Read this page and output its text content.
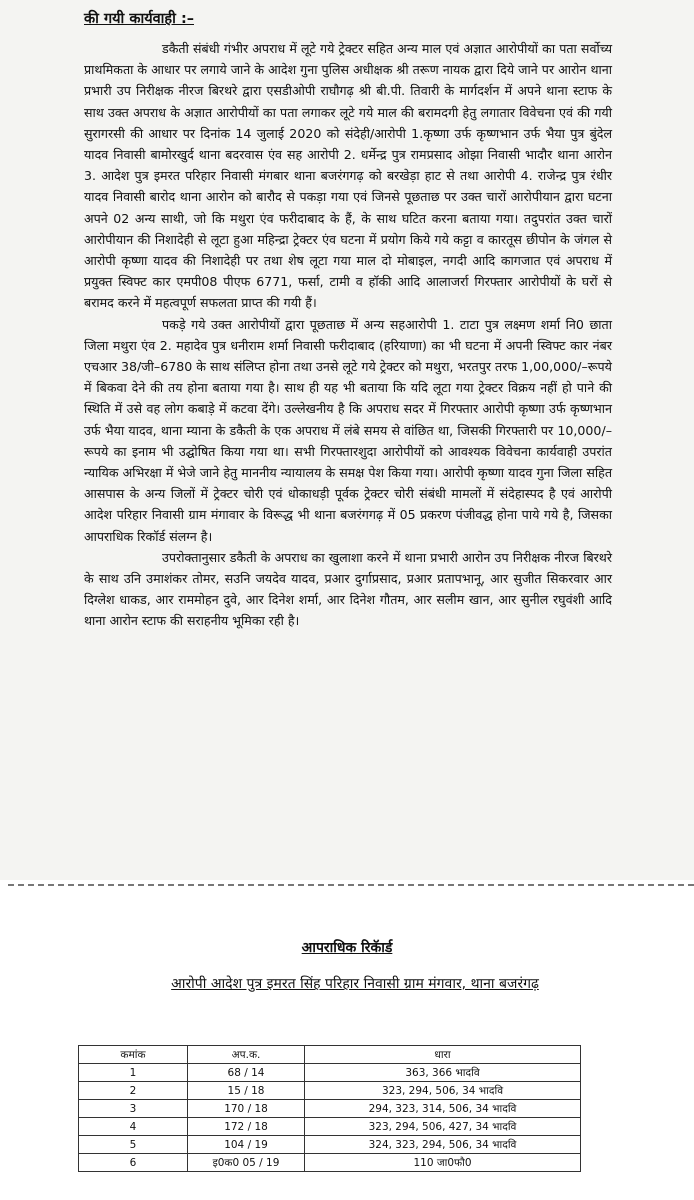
की गयी कार्यवाही :–

डकैती संबंधी गंभीर अपराध में लूटे गये ट्रेक्टर सहित अन्य माल एवं अज्ञात आरोपीयों का पता सर्वोच्य प्राथमिकता के आधार पर लगाये जाने के आदेश गुना पुलिस अधीक्षक श्री तरूण नायक द्वारा दिये जाने पर आरोन थाना प्रभारी उप निरीक्षक नीरज बिरथरे द्वारा एसडीओपी राघौगढ़ श्री बी.पी. तिवारी के मार्गदर्शन में अपने थाना स्टाफ के साथ उक्त अपराध के अज्ञात आरोपीयों का पता लगाकर लूटे गये माल की बरामदगी हेतु लगातार विवेचना एवं की गयी सुरागरसी की आधार पर दिनांक 14 जुलाई 2020 को संदेही/आरोपी 1.कृष्णा उर्फ कृष्णभान उर्फ भैया पुत्र बुंदेल यादव निवासी बामोरखुर्द थाना बदरवास एंव सह आरोपी 2. धर्मेन्द्र पुत्र रामप्रसाद ओझा निवासी भादौर थाना आरोन 3. आदेश पुत्र इमरत परिहार निवासी मंगबार थाना बजरंगगढ़ को बरखेड़ा हाट से तथा आरोपी 4. राजेन्द्र पुत्र रंधीर यादव निवासी बारोद थाना आरोन को बारौद से पकड़ा गया एवं जिनसे पूछताछ पर उक्त चारों आरोपीयान द्वारा घटना अपने 02 अन्य साथी, जो कि मथुरा एंव फरीदाबाद के हैं, के साथ घटित करना बताया गया। तदुपरांत उक्त चारों आरोपीयान की निशादेही से लूटा हुआ महिन्द्रा ट्रेक्टर एंव घटना में प्रयोग किये गये कट्टा व कारतूस छीपोन के जंगल से आरोपी कृष्णा यादव की निशादेही पर तथा शेष लूटा गया माल दो मोबाइल, नगदी आदि कागजात एवं अपराध में प्रयुक्त स्विफ्ट कार एमपी08 पीएफ 6771, फर्सा, टामी व हॉकी आदि आलाजर्रा गिरफ्तार आरोपीयों के घरों से बरामद करने में महत्वपूर्ण सफलता प्राप्त की गयी हैं।

पकड़े गये उक्त आरोपीयों द्वारा पूछताछ में अन्य सहआरोपी 1. टाटा पुत्र लक्ष्मण शर्मा नि0 छाता जिला मथुरा एंव 2. महादेव पुत्र धनीराम शर्मा निवासी फरीदाबाद (हरियाणा) का भी घटना में अपनी स्विफ्ट कार नंबर एचआर 38/जी–6780 के साथ संलिप्त होना तथा उनसे लूटे गये ट्रेक्टर को मथुरा, भरतपुर तरफ 1,00,000/–रूपये में बिकवा देने की तय होना बताया गया है। साथ ही यह भी बताया कि यदि लूटा गया ट्रेक्टर विक्रय नहीं हो पाने की स्थिति में उसे वह लोग कबाड़े में कटवा देंगे। उल्लेखनीय है कि अपराध सदर में गिरफ्तार आरोपी कृष्णा उर्फ कृष्णभान उर्फ भैया यादव, थाना म्याना के डकैती के एक अपराध में लंबे समय से वांछित था, जिसकी गिरफ्तारी पर 10,000/–रूपये का इनाम भी उद्घोषित किया गया था। सभी गिरफ्तारशुदा आरोपीयों को आवश्यक विवेचना कार्यवाही उपरांत न्यायिक अभिरक्षा में भेजे जाने हेतु माननीय न्यायालय के समक्ष पेश किया गया। आरोपी कृष्णा यादव गुना जिला सहित आसपास के अन्य जिलों में ट्रेक्टर चोरी एवं धोकाधड़ी पूर्वक ट्रेक्टर चोरी संबंधी मामलों में संदेहास्पद है एवं आरोपी आदेश परिहार निवासी ग्राम मंगावार के विरूद्ध भी थाना बजरंगगढ़ में 05 प्रकरण पंजीवद्ध होना पाये गये है, जिसका आपराधिक रिकॉर्ड संलग्न है।

उपरोक्तानुसार डकैती के अपराध का खुलाशा करने में थाना प्रभारी आरोन उप निरीक्षक नीरज बिरथरे के साथ उनि उमाशंकर तोमर, सउनि जयदेव यादव, प्रआर दुर्गाप्रसाद, प्रआर प्रतापभानू, आर सुजीत सिकरवार आर दिग्लेश धाकड, आर राममोहन दुवे, आर दिनेश शर्मा, आर दिनेश गौतम, आर सलीम खान, आर सुनील रघुवंशी आदि थाना आरोन स्टाफ की सराहनीय भूमिका रही है।

आपराधिक रिकॅार्ड
आरोपी आदेश पुत्र इमरत सिंह परिहार निवासी ग्राम मंगवार, थाना बजरंगढ़
कमांक	अप.क.	धारा
1	68 / 14	363, 366 भादवि
2	15 / 18	323, 294, 506, 34 भादवि
3	170 / 18	294, 323, 314, 506, 34 भादवि
4	172 / 18	323, 294, 506, 427, 34 भादवि
5	104 / 19	324, 323, 294, 506, 34 भादवि
6	इ0क0 05 / 19	110 जा0फौ0
